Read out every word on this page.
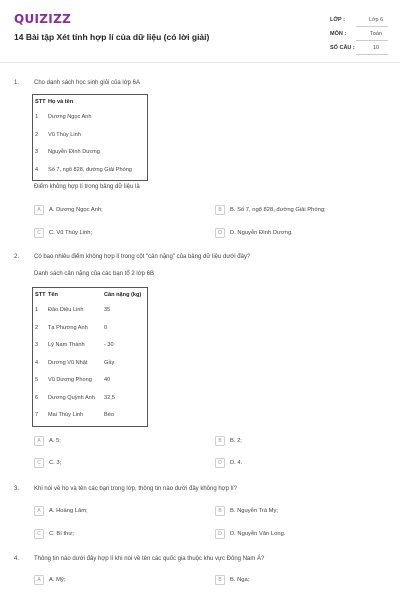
QUIZIZZ
14 Bài tập Xét tính hợp lí của dữ liệu (có lời giải)
LỚP :	Lớp 6
MÔN :	Toán
SỐ CÂU :	10
1. Cho danh sách học sinh giỏi của lớp 6A
STT Họ và tên
1 Dương Ngọc Anh
2 Vũ Thùy Linh
3 Nguyễn Đình Dương
4 Số 7, ngõ 828, đường Giải Phóng
Điểm không hợp lí trong bảng dữ liệu là
A	A. Dương Ngọc Anh;	B	B. Số 7, ngõ 828, đường Giải Phóng;
C	C. Vũ Thùy Linh;	D	D. Nguyễn Đình Dương.
2. Có bao nhiêu điểm không hợp lí trong cột "cân nặng" của bảng dữ liệu dưới đây?
Danh sách cân nặng của các bạn tổ 2 lớp 6B
STT Tên	Cân nặng (kg)
1 Đào Diệu Linh	35
2 Tạ Phương Anh	0
3 Lý Nam Thành	- 30
4 Dương Vũ Nhật	Gầy
5 Vũ Dương Phong 40
6 Dương Quỳnh Anh 32,5
7 Mai Thùy Linh	Béo
A	A. 5;	B	B. 2;
C	C. 3;	D	D. 4.
3. Khi nói về họ và tên các bạn trong lớp, thông tin nào dưới đây không hợp lí?
A	A. Hoàng Lâm;	B	B. Nguyễn Trà My;
C	C. Bí thư;	D	D. Nguyễn Văn Long.
4. Thông tin nào dưới đây hợp lí khi nói về tên các quốc gia thuộc khu vực Đông Nam Á?
A	A. Mỹ;	B	B. Nga;
